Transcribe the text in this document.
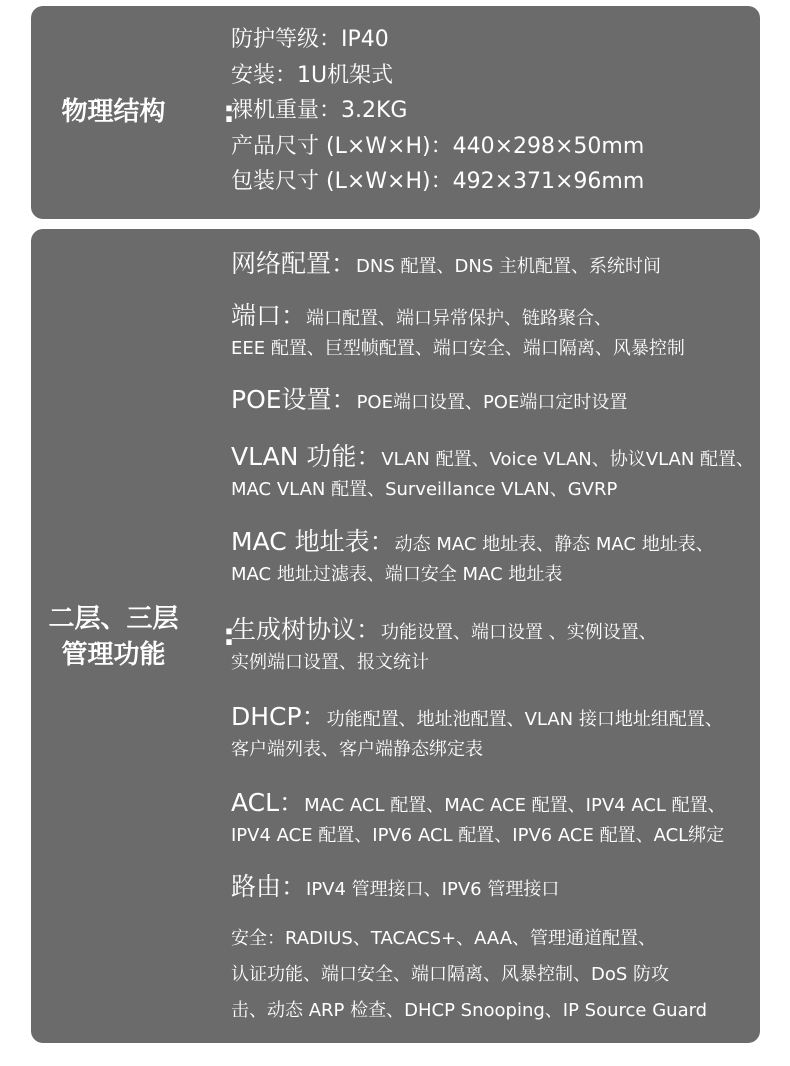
物理结构	:
防护等级：IP40
安装：1U机架式
裸机重量：3.2KG
产品尺寸 (L×W×H)：440×298×50mm
包装尺寸 (L×W×H)：492×371×96mm
二层、三层
管理功能
:
网络配置：DNS 配置、DNS 主机配置、系统时间
端口：端口配置、端口异常保护、链路聚合、
EEE 配置、巨型帧配置、端口安全、端口隔离、风暴控制
POE设置：POE端口设置、POE端口定时设置
VLAN 功能：VLAN 配置、Voice VLAN、协议VLAN 配置、
MAC VLAN 配置、Surveillance VLAN、GVRP
MAC 地址表：动态 MAC 地址表、静态 MAC 地址表、
MAC 地址过滤表、端口安全 MAC 地址表
生成树协议：功能设置、端口设置 、实例设置、
实例端口设置、报文统计
DHCP：功能配置、地址池配置、VLAN 接口地址组配置、
客户端列表、客户端静态绑定表
ACL：MAC ACL 配置、MAC ACE 配置、IPV4 ACL 配置、
IPV4 ACE 配置、IPV6 ACL 配置、IPV6 ACE 配置、ACL绑定
路由：IPV4 管理接口、IPV6 管理接口
安全：RADIUS、TACACS+、AAA、管理通道配置、
认证功能、端口安全、端口隔离、风暴控制、DoS 防攻
击、动态 ARP 检查、DHCP Snooping、IP Source Guard
